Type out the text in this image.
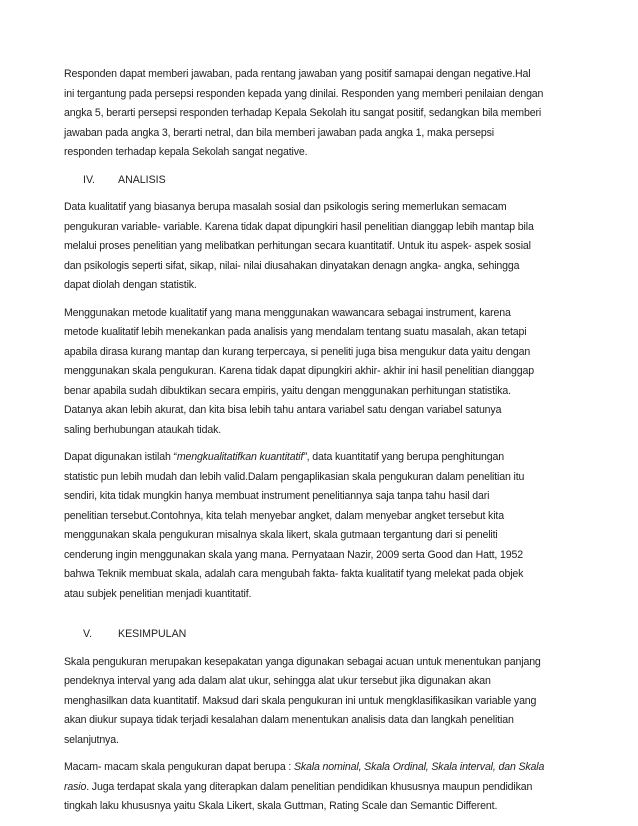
Responden dapat memberi jawaban, pada rentang jawaban yang positif samapai dengan negative.Hal
ini tergantung pada persepsi responden kepada yang dinilai. Responden yang memberi penilaian dengan
angka 5, berarti persepsi responden terhadap Kepala Sekolah itu sangat positif, sedangkan bila memberi
jawaban pada angka 3, berarti netral, dan bila memberi jawaban pada angka 1, maka persepsi
responden terhadap kepala Sekolah sangat negative.
IV. ANALISIS
Data kualitatif yang biasanya berupa masalah sosial dan psikologis sering memerlukan semacam
pengukuran variable- variable. Karena tidak dapat dipungkiri hasil penelitian dianggap lebih mantap bila
melalui proses penelitian yang melibatkan perhitungan secara kuantitatif. Untuk itu aspek- aspek sosial
dan psikologis seperti sifat, sikap, nilai- nilai diusahakan dinyatakan denagn angka- angka, sehingga
dapat diolah dengan statistik.
Menggunakan metode kualitatif yang mana menggunakan wawancara sebagai instrument, karena
metode kualitatif lebih menekankan pada analisis yang mendalam tentang suatu masalah, akan tetapi
apabila dirasa kurang mantap dan kurang terpercaya, si peneliti juga bisa mengukur data yaitu dengan
menggunakan skala pengukuran. Karena tidak dapat dipungkiri akhir- akhir ini hasil penelitian dianggap
benar apabila sudah dibuktikan secara empiris, yaitu dengan menggunakan perhitungan statistika.
Datanya akan lebih akurat, dan kita bisa lebih tahu antara variabel satu dengan variabel satunya
saling berhubungan ataukah tidak.
Dapat digunakan istilah “mengkualitatifkan kuantitatif”, data kuantitatif yang berupa penghitungan
statistic pun lebih mudah dan lebih valid.Dalam pengaplikasian skala pengukuran dalam penelitian itu
sendiri, kita tidak mungkin hanya membuat instrument penelitiannya saja tanpa tahu hasil dari
penelitian tersebut.Contohnya, kita telah menyebar angket, dalam menyebar angket tersebut kita
menggunakan skala pengukuran misalnya skala likert, skala gutmaan tergantung dari si peneliti
cenderung ingin menggunakan skala yang mana. Pernyataan Nazir, 2009 serta Good dan Hatt, 1952
bahwa Teknik membuat skala, adalah cara mengubah fakta- fakta kualitatif tyang melekat pada objek
atau subjek penelitian menjadi kuantitatif.
V. KESIMPULAN
Skala pengukuran merupakan kesepakatan yanga digunakan sebagai acuan untuk menentukan panjang
pendeknya interval yang ada dalam alat ukur, sehingga alat ukur tersebut jika digunakan akan
menghasilkan data kuantitatif. Maksud dari skala pengukuran ini untuk mengklasifikasikan variable yang
akan diukur supaya tidak terjadi kesalahan dalam menentukan analisis data dan langkah penelitian
selanjutnya.
Macam- macam skala pengukuran dapat berupa : Skala nominal, Skala Ordinal, Skala interval, dan Skala
rasio. Juga terdapat skala yang diterapkan dalam penelitian pendidikan khususnya maupun pendidikan
tingkah laku khususnya yaitu Skala Likert, skala Guttman, Rating Scale dan Semantic Different.
